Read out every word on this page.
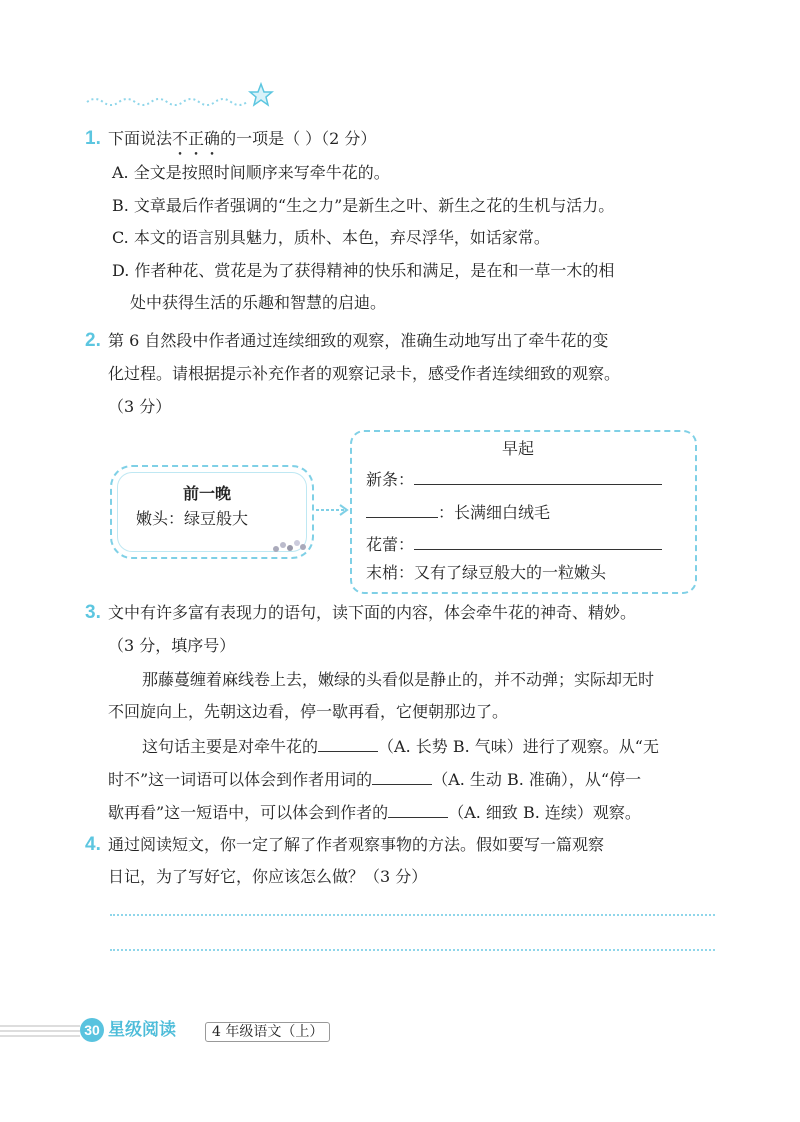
1. 下面说法不正确的一项是（ ）（2 分）
A. 全文是按照时间顺序来写牵牛花的。
B. 文章最后作者强调的“生之力”是新生之叶、新生之花的生机与活力。
C. 本文的语言别具魅力，质朴、本色，弃尽浮华，如话家常。
D. 作者种花、赏花是为了获得精神的快乐和满足，是在和一草一木的相
处中获得生活的乐趣和智慧的启迪。
2. 第 6 自然段中作者通过连续细致的观察，准确生动地写出了牵牛花的变
化过程。请根据提示补充作者的观察记录卡，感受作者连续细致的观察。
（3 分）
前一晚
嫩头：绿豆般大
早起
新条：
：长满细白绒毛
花蕾：
末梢：又有了绿豆般大的一粒嫩头
3. 文中有许多富有表现力的语句，读下面的内容，体会牵牛花的神奇、精妙。
（3 分，填序号）
那藤蔓缠着麻线卷上去，嫩绿的头看似是静止的，并不动弹；实际却无时
不回旋向上，先朝这边看，停一歇再看，它便朝那边了。
这句话主要是对牵牛花的	（A. 长势 B. 气味）进行了观察。从“无
时不”这一词语可以体会到作者用词的	（A. 生动 B. 准确），从“停一
歇再看”这一短语中，可以体会到作者的	（A. 细致 B. 连续）观察。
4. 通过阅读短文，你一定了解了作者观察事物的方法。假如要写一篇观察
日记，为了写好它，你应该怎么做？（3 分）
30 星级阅读	4 年级语文（上）
